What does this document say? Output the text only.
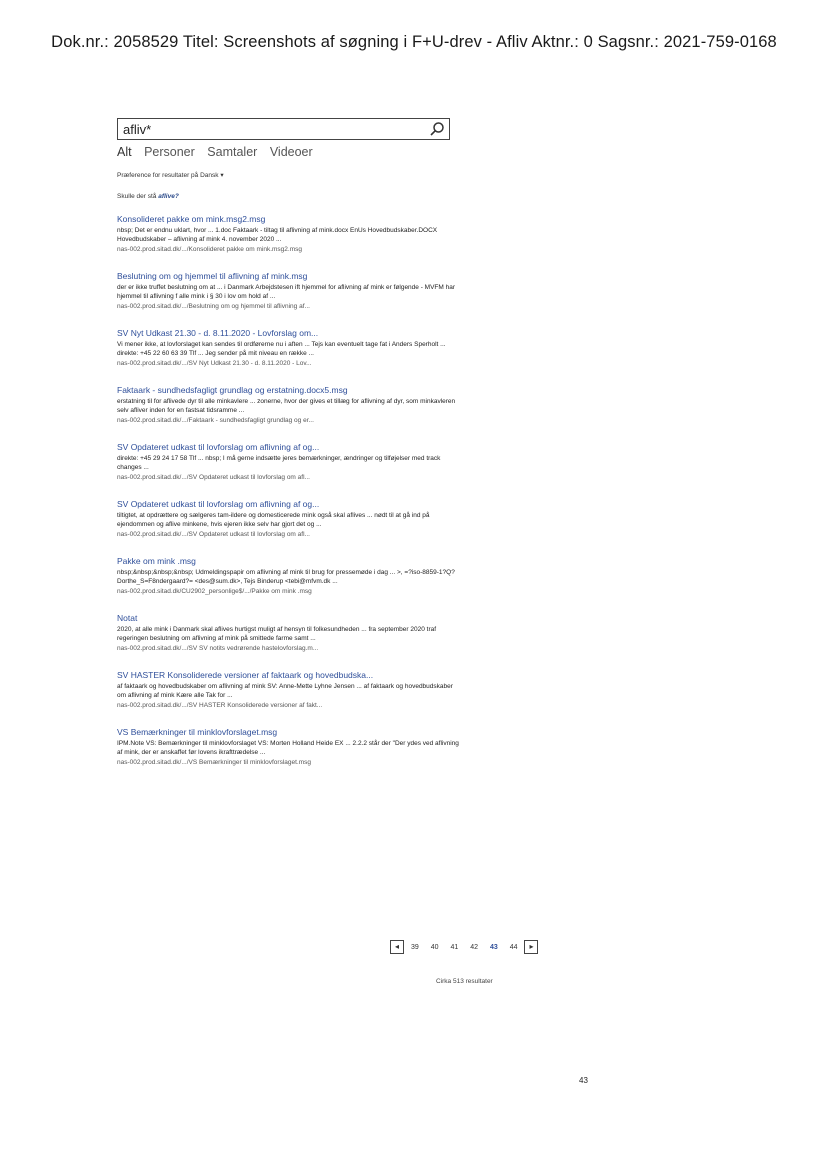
Dok.nr.: 2058529 Titel: Screenshots af søgning i F+U-drev - Afliv Aktnr.: 0 Sagsnr.: 2021-759-0168
afliv*
Alt Personer Samtaler Videoer
Præference for resultater på Dansk ▾
Skulle der stå aflive?
Konsolideret pakke om mink.msg2.msg
nbsp; Det er endnu uklart, hvor ... 1.doc Faktaark - tiltag til aflivning af mink.docx EnUs Hovedbudskaber.DOCX Hovedbudskaber – aflivning af mink 4. november 2020 ...
nas-002.prod.sitad.dk/.../Konsolideret pakke om mink.msg2.msg
Beslutning om og hjemmel til aflivning af mink.msg
der er ikke truffet beslutning om at ... i Danmark Arbejdstesen ift hjemmel for aflivning af mink er følgende - MVFM har hjemmel til aflivning f alle mink i § 30 i lov om hold af ...
nas-002.prod.sitad.dk/.../Beslutning om og hjemmel til aflivning af...
SV Nyt Udkast 21.30 - d. 8.11.2020 - Lovforslag om...
Vi mener ikke, at lovforslaget kan sendes til ordførerne nu i aften ... Tejs kan eventuelt tage fat i Anders Sperholt ... direkte: +45 22 60 63 39 Tlf ... Jeg sender på mit niveau en række ...
nas-002.prod.sitad.dk/.../SV Nyt Udkast 21.30 - d. 8.11.2020 - Lov...
Faktaark - sundhedsfagligt grundlag og erstatning.docx5.msg
erstatning til for aflivede dyr til alle minkavlere ... zonerne, hvor der gives et tillæg for aflivning af dyr, som minkavleren selv afliver inden for en fastsat tidsramme ...
nas-002.prod.sitad.dk/.../Faktaark - sundhedsfagligt grundlag og er...
SV Opdateret udkast til lovforslag om aflivning af og...
direkte: +45 29 24 17 58 Tlf ... nbsp; I må gerne indsætte jeres bemærkninger, ændringer og tilføjelser med track changes ...
nas-002.prod.sitad.dk/.../SV Opdateret udkast til lovforslag om afl...
SV Opdateret udkast til lovforslag om aflivning af og...
tiltigtet, at opdrættere og sælgeres tam-ildere og domesticerede mink også skal aflives ... nødt til at gå ind på ejendommen og aflive minkene, hvis ejeren ikke selv har gjort det og ...
nas-002.prod.sitad.dk/.../SV Opdateret udkast til lovforslag om afl...
Pakke om mink .msg
nbsp;&nbsp;&nbsp;&nbsp; Udmeldingspapir om aflivning af mink til brug for pressemøde i dag ... >, =?iso-8859-1?Q?Dorthe_S=F8ndergaard?= <des@sum.dk>, Tejs Binderup <tebi@mfvm.dk ...
nas-002.prod.sitad.dk/CU2902_personlige$/.../Pakke om mink .msg
Notat
2020, at alle mink i Danmark skal aflives hurtigst muligt af hensyn til folkesundheden ... fra september 2020 traf regeringen beslutning om aflivning af mink på smittede farme samt ...
nas-002.prod.sitad.dk/.../SV SV notits vedrørende hastelovforslag.m...
SV HASTER Konsoliderede versioner af faktaark og hovedbudska...
af faktaark og hovedbudskaber om aflivning af mink SV: Anne-Mette Lyhne Jensen ... af faktaark og hovedbudskaber om aflivning af mink Kære alle Tak for ...
nas-002.prod.sitad.dk/.../SV HASTER Konsoliderede versioner af fakt...
VS Bemærkninger til minklovforslaget.msg
IPM.Note VS: Bemærkninger til minklovforslaget VS: Morten Holland Heide EX ... 2.2.2 står der "Der ydes ved aflivning af mink, der er anskaffet før lovens ikrafttrædelse ...
nas-002.prod.sitad.dk/.../VS Bemærkninger til minklovforslaget.msg
◂ 39 40 41 42 43 44 ▸
Cirka 513 resultater
43
